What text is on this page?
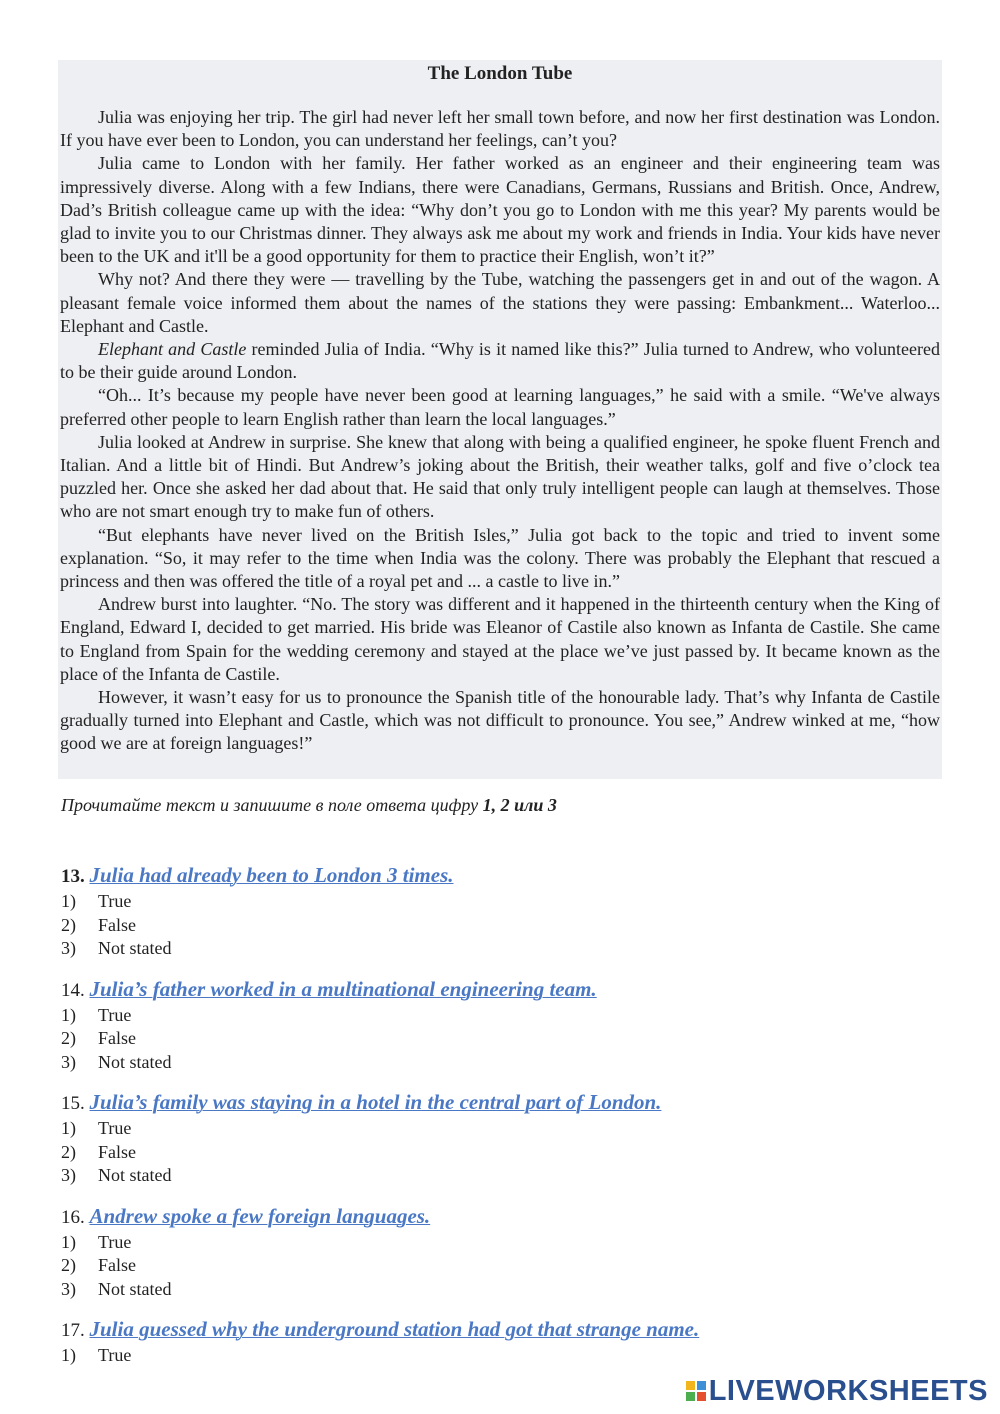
The London Tube

Julia was enjoying her trip. The girl had never left her small town before, and now her first destination was London. If you have ever been to London, you can understand her feelings, can’t you?

Julia came to London with her family. Her father worked as an engineer and their engineering team was impressively diverse. Along with a few Indians, there were Canadians, Germans, Russians and British. Once, Andrew, Dad’s British colleague came up with the idea: “Why don’t you go to London with me this year? My parents would be glad to invite you to our Christmas dinner. They always ask me about my work and friends in India. Your kids have never been to the UK and it'll be a good opportunity for them to practice their English, won’t it?”

Why not? And there they were — travelling by the Tube, watching the passengers get in and out of the wagon. A pleasant female voice informed them about the names of the stations they were passing: Embankment... Waterloo... Elephant and Castle.

Elephant and Castle reminded Julia of India. “Why is it named like this?” Julia turned to Andrew, who volunteered to be their guide around London.

“Oh... It’s because my people have never been good at learning languages,” he said with a smile. “We've always preferred other people to learn English rather than learn the local languages.”

Julia looked at Andrew in surprise. She knew that along with being a qualified engineer, he spoke fluent French and Italian. And a little bit of Hindi. But Andrew’s joking about the British, their weather talks, golf and five o’clock tea puzzled her. Once she asked her dad about that. He said that only truly intelligent people can laugh at themselves. Those who are not smart enough try to make fun of others.

“But elephants have never lived on the British Isles,” Julia got back to the topic and tried to invent some explanation. “So, it may refer to the time when India was the colony. There was probably the Elephant that rescued a princess and then was offered the title of a royal pet and ... a castle to live in.”

Andrew burst into laughter. “No. The story was different and it happened in the thirteenth century when the King of England, Edward I, decided to get married. His bride was Eleanor of Castile also known as Infanta de Castile. She came to England from Spain for the wedding ceremony and stayed at the place we’ve just passed by. It became known as the place of the Infanta de Castile.

However, it wasn’t easy for us to pronounce the Spanish title of the honourable lady. That’s why Infanta de Castile gradually turned into Elephant and Castle, which was not difficult to pronounce. You see,” Andrew winked at me, “how good we are at foreign languages!”

Прочитайте текст и запишите в поле ответа цифру 1, 2 или 3

13. Julia had already been to London 3 times.
1)	True
2)	False
3)	Not stated
14. Julia’s father worked in a multinational engineering team.
1)	True
2)	False
3)	Not stated
15. Julia’s family was staying in a hotel in the central part of London.
1)	True
2)	False
3)	Not stated
16. Andrew spoke a few foreign languages.
1)	True
2)	False
3)	Not stated
17. Julia guessed why the underground station had got that strange name.
1)	True
LIVEWORKSHEETS
